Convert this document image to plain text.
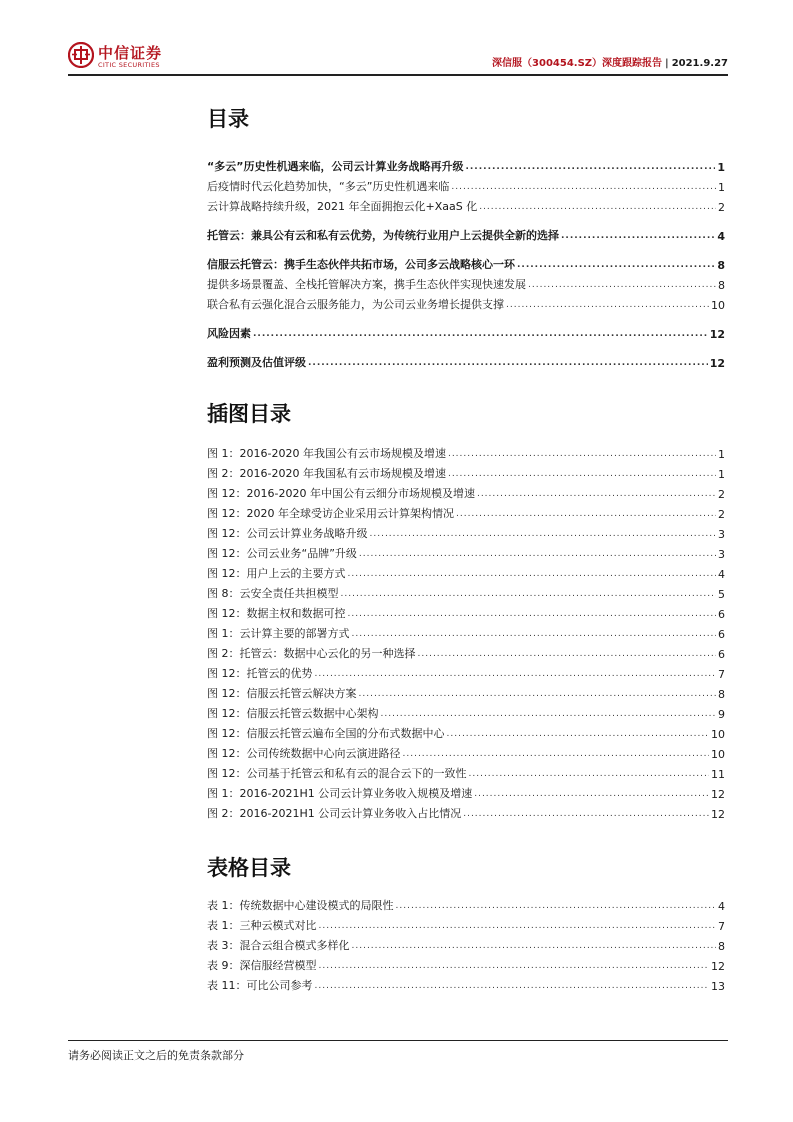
中信证券
CITIC SECURITIES	深信服（300454.SZ）深度跟踪报告 | 2021.9.27
目录
“多云”历史性机遇来临，公司云计算业务战略再升级 .....	1
后疫情时代云化趋势加快，“多云”历史性机遇来临 .....	1
云计算战略持续升级，2021 年全面拥抱云化+XaaS 化 .....	2
托管云：兼具公有云和私有云优势，为传统行业用户上云提供全新的选择 .....	4
信服云托管云：携手生态伙伴共拓市场，公司多云战略核心一环 .....	8
提供多场景覆盖、全栈托管解决方案，携手生态伙伴实现快速发展 .....	8
联合私有云强化混合云服务能力，为公司云业务增长提供支撑 .....	10
风险因素 .....	12
盈利预测及估值评级 .....	12
插图目录
图 1：2016-2020 年我国公有云市场规模及增速 .....	1
图 2：2016-2020 年我国私有云市场规模及增速 .....	1
图 12：2016-2020 年中国公有云细分市场规模及增速 .....	2
图 12：2020 年全球受访企业采用云计算架构情况 .....	2
图 12：公司云计算业务战略升级 .....	3
图 12：公司云业务“品牌”升级 .....	3
图 12：用户上云的主要方式 .....	4
图 8：云安全责任共担模型 .....	5
图 12：数据主权和数据可控 .....	6
图 1：云计算主要的部署方式 .....	6
图 2：托管云：数据中心云化的另一种选择 .....	6
图 12：托管云的优势 .....	7
图 12：信服云托管云解决方案 .....	8
图 12：信服云托管云数据中心架构 .....	9
图 12：信服云托管云遍布全国的分布式数据中心 .....	10
图 12：公司传统数据中心向云演进路径 .....	10
图 12：公司基于托管云和私有云的混合云下的一致性 .....	11
图 1：2016-2021H1 公司云计算业务收入规模及增速 .....	12
图 2：2016-2021H1 公司云计算业务收入占比情况 .....	12
表格目录
表 1：传统数据中心建设模式的局限性 .....	4
表 1：三种云模式对比 .....	7
表 3：混合云组合模式多样化 .....	8
表 9：深信服经营模型 .....	12
表 11：可比公司参考 .....	13
请务必阅读正文之后的免责条款部分
